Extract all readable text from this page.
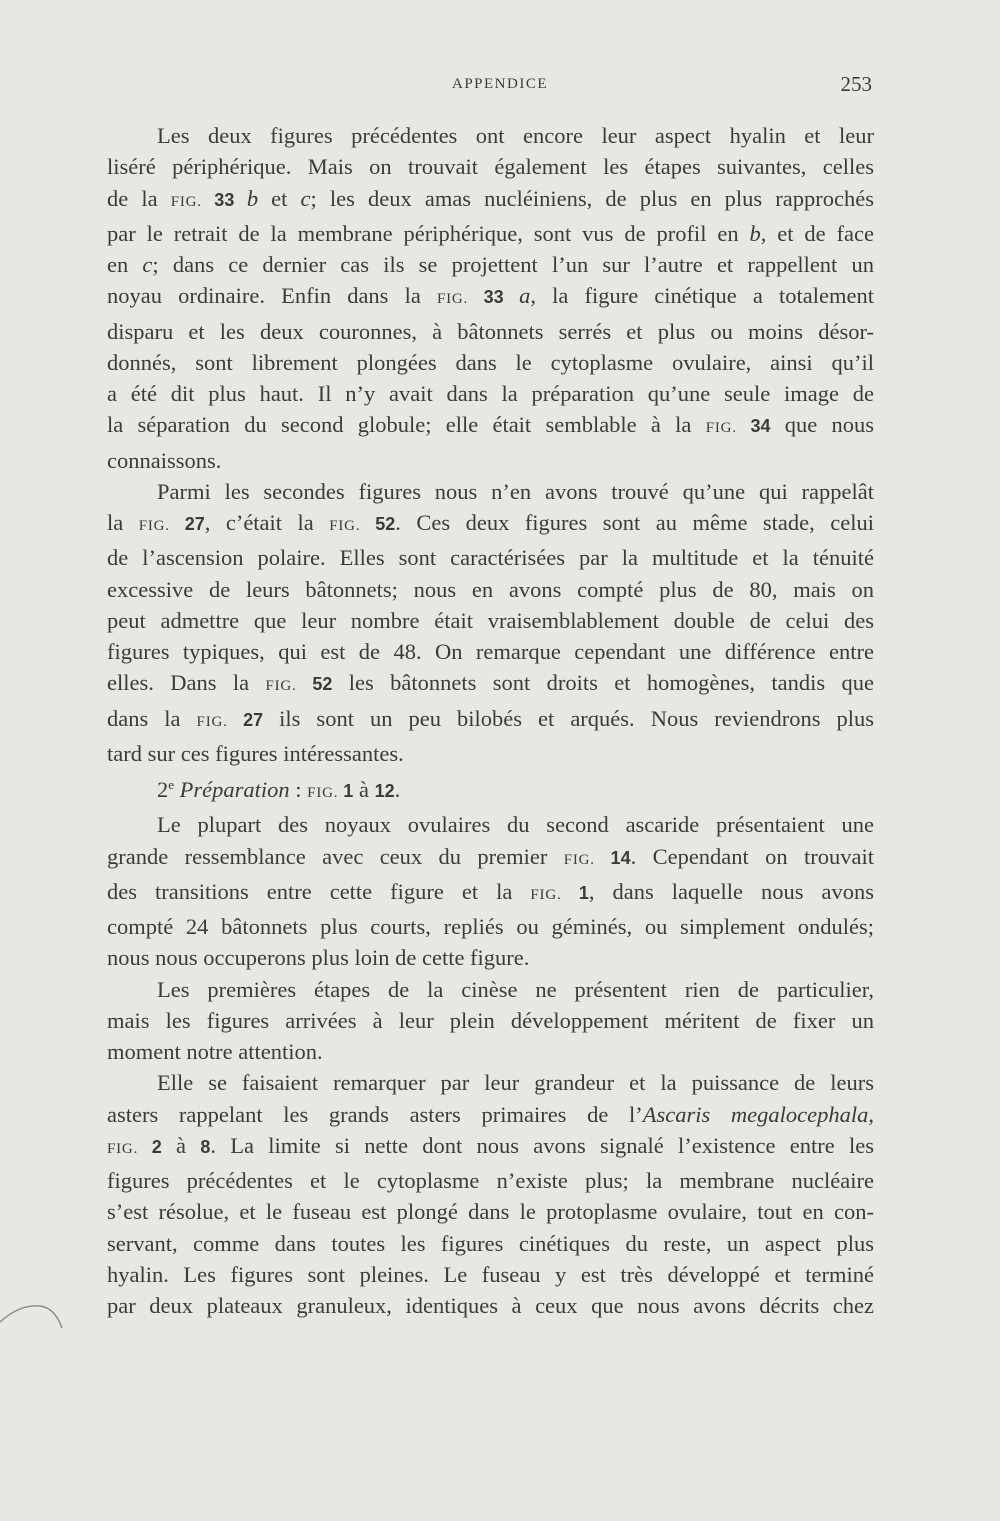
APPENDICE	253

Les deux figures précédentes ont encore leur aspect hyalin et leur
liséré périphérique. Mais on trouvait également les étapes suivantes, celles
de la FIG. 33 b et c; les deux amas nucléiniens, de plus en plus rapprochés
par le retrait de la membrane périphérique, sont vus de profil en b, et de face
en c; dans ce dernier cas ils se projettent l’un sur l’autre et rappellent un
noyau ordinaire. Enfin dans la FIG. 33 a, la figure cinétique a totalement
disparu et les deux couronnes, à bâtonnets serrés et plus ou moins désor-
donnés, sont librement plongées dans le cytoplasme ovulaire, ainsi qu’il
a été dit plus haut. Il n’y avait dans la préparation qu’une seule image de
la séparation du second globule; elle était semblable à la FIG. 34 que nous
connaissons.

Parmi les secondes figures nous n’en avons trouvé qu’une qui rappelât
la FIG. 27, c’était la FIG. 52. Ces deux figures sont au même stade, celui
de l’ascension polaire. Elles sont caractérisées par la multitude et la ténuité
excessive de leurs bâtonnets; nous en avons compté plus de 80, mais on
peut admettre que leur nombre était vraisemblablement double de celui des
figures typiques, qui est de 48. On remarque cependant une différence entre
elles. Dans la FIG. 52 les bâtonnets sont droits et homogènes, tandis que
dans la FIG. 27 ils sont un peu bilobés et arqués. Nous reviendrons plus
tard sur ces figures intéressantes.

2e Préparation : FIG. 1 à 12.

Le plupart des noyaux ovulaires du second ascaride présentaient une
grande ressemblance avec ceux du premier FIG. 14. Cependant on trouvait
des transitions entre cette figure et la FIG. 1, dans laquelle nous avons
compté 24 bâtonnets plus courts, repliés ou géminés, ou simplement ondulés;
nous nous occuperons plus loin de cette figure.

Les premières étapes de la cinèse ne présentent rien de particulier,
mais les figures arrivées à leur plein développement méritent de fixer un
moment notre attention.

Elle se faisaient remarquer par leur grandeur et la puissance de leurs
asters rappelant les grands asters primaires de l’Ascaris megalocephala,
FIG. 2 à 8. La limite si nette dont nous avons signalé l’existence entre les
figures précédentes et le cytoplasme n’existe plus; la membrane nucléaire
s’est résolue, et le fuseau est plongé dans le protoplasme ovulaire, tout en con-
servant, comme dans toutes les figures cinétiques du reste, un aspect plus
hyalin. Les figures sont pleines. Le fuseau y est très développé et terminé
par deux plateaux granuleux, identiques à ceux que nous avons décrits chez
